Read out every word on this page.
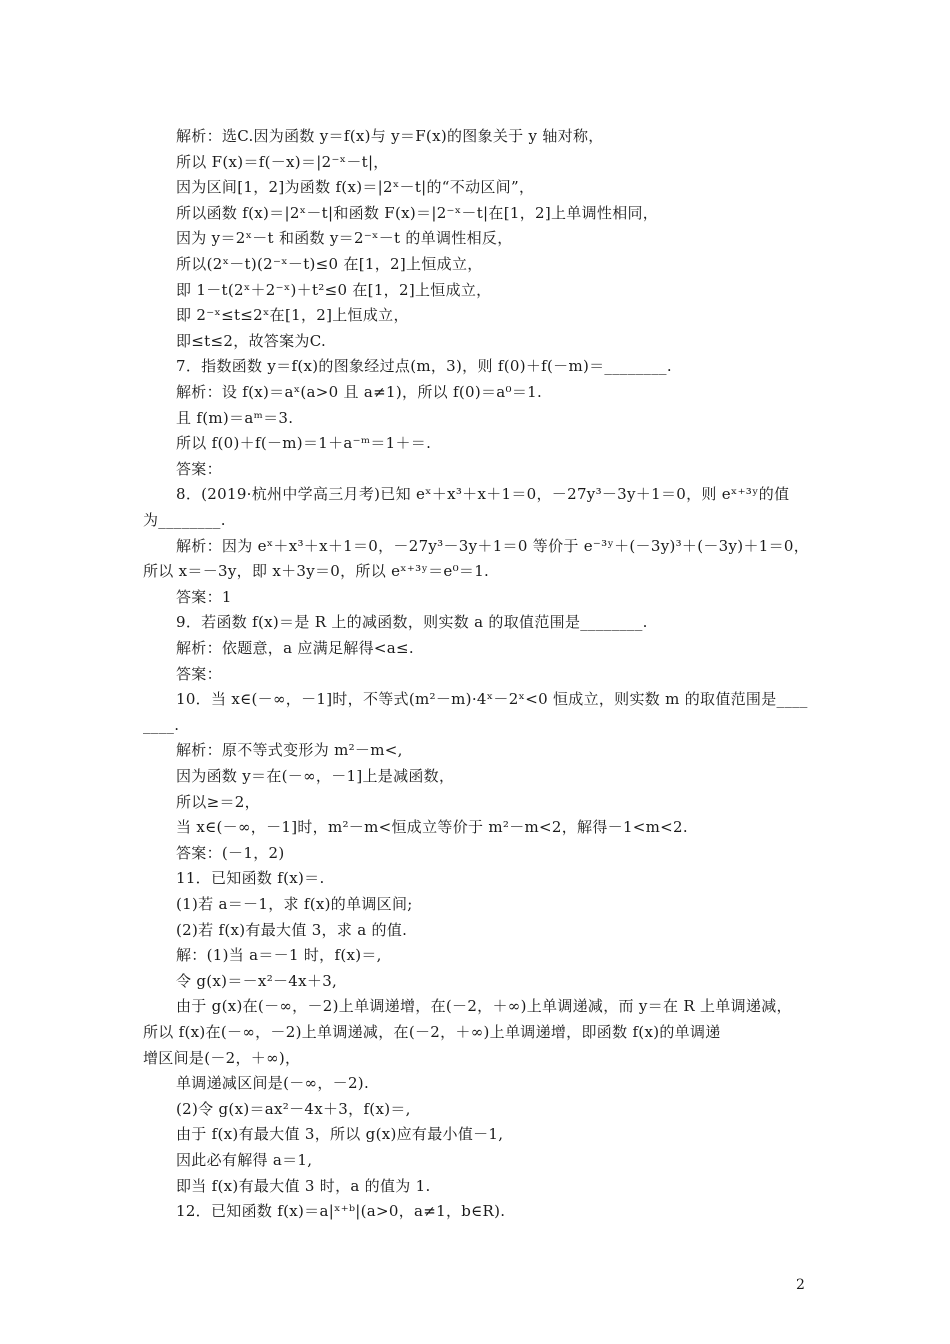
解析：选C.因为函数 y＝f(x)与 y＝F(x)的图象关于 y 轴对称，
所以 F(x)＝f(－x)＝|2⁻ˣ－t|，
因为区间[1，2]为函数 f(x)＝|2ˣ－t|的“不动区间”，
所以函数 f(x)＝|2ˣ－t|和函数 F(x)＝|2⁻ˣ－t|在[1，2]上单调性相同，
因为 y＝2ˣ－t 和函数 y＝2⁻ˣ－t 的单调性相反，
所以(2ˣ－t)(2⁻ˣ－t)≤0 在[1，2]上恒成立，
即 1－t(2ˣ＋2⁻ˣ)＋t²≤0 在[1，2]上恒成立，
即 2⁻ˣ≤t≤2ˣ在[1，2]上恒成立，
即≤t≤2，故答案为C.
7．指数函数 y＝f(x)的图象经过点(m，3)，则 f(0)＋f(－m)＝________.
解析：设 f(x)＝aˣ(a>0 且 a≠1)，所以 f(0)＝a⁰＝1.
且 f(m)＝aᵐ＝3.
所以 f(0)＋f(－m)＝1＋a⁻ᵐ＝1＋＝.
答案：
8．(2019·杭州中学高三月考)已知 eˣ＋x³＋x＋1＝0，－27y³－3y＋1＝0，则 eˣ⁺³ʸ的值
为________.
解析：因为 eˣ＋x³＋x＋1＝0，－27y³－3y＋1＝0 等价于 e⁻³ʸ＋(－3y)³＋(－3y)＋1＝0，
所以 x＝－3y，即 x＋3y＝0，所以 eˣ⁺³ʸ＝e⁰＝1.
答案：1
9．若函数 f(x)＝是 R 上的减函数，则实数 a 的取值范围是________.
解析：依题意，a 应满足解得<a≤.
答案：
10．当 x∈(－∞，－1]时，不等式(m²－m)·4ˣ－2ˣ<0 恒成立，则实数 m 的取值范围是____
____.
解析：原不等式变形为 m²－m<,
因为函数 y＝在(－∞，－1]上是减函数，
所以≥＝2，
当 x∈(－∞，－1]时，m²－m<恒成立等价于 m²－m<2，解得－1<m<2.
答案：(－1，2)
11．已知函数 f(x)＝.
(1)若 a＝－1，求 f(x)的单调区间;
(2)若 f(x)有最大值 3，求 a 的值.
解：(1)当 a＝－1 时，f(x)＝,
令 g(x)＝－x²－4x＋3,
由于 g(x)在(－∞，－2)上单调递增，在(－2，＋∞)上单调递减，而 y＝在 R 上单调递减，
所以 f(x)在(－∞，－2)上单调递减，在(－2，＋∞)上单调递增，即函数 f(x)的单调递
增区间是(－2，＋∞)，
单调递减区间是(－∞，－2).
(2)令 g(x)＝ax²－4x＋3，f(x)＝,
由于 f(x)有最大值 3，所以 g(x)应有最小值－1,
因此必有解得 a＝1,
即当 f(x)有最大值 3 时，a 的值为 1.
12．已知函数 f(x)＝a|ˣ⁺ᵇ|(a>0，a≠1，b∈R).
2
